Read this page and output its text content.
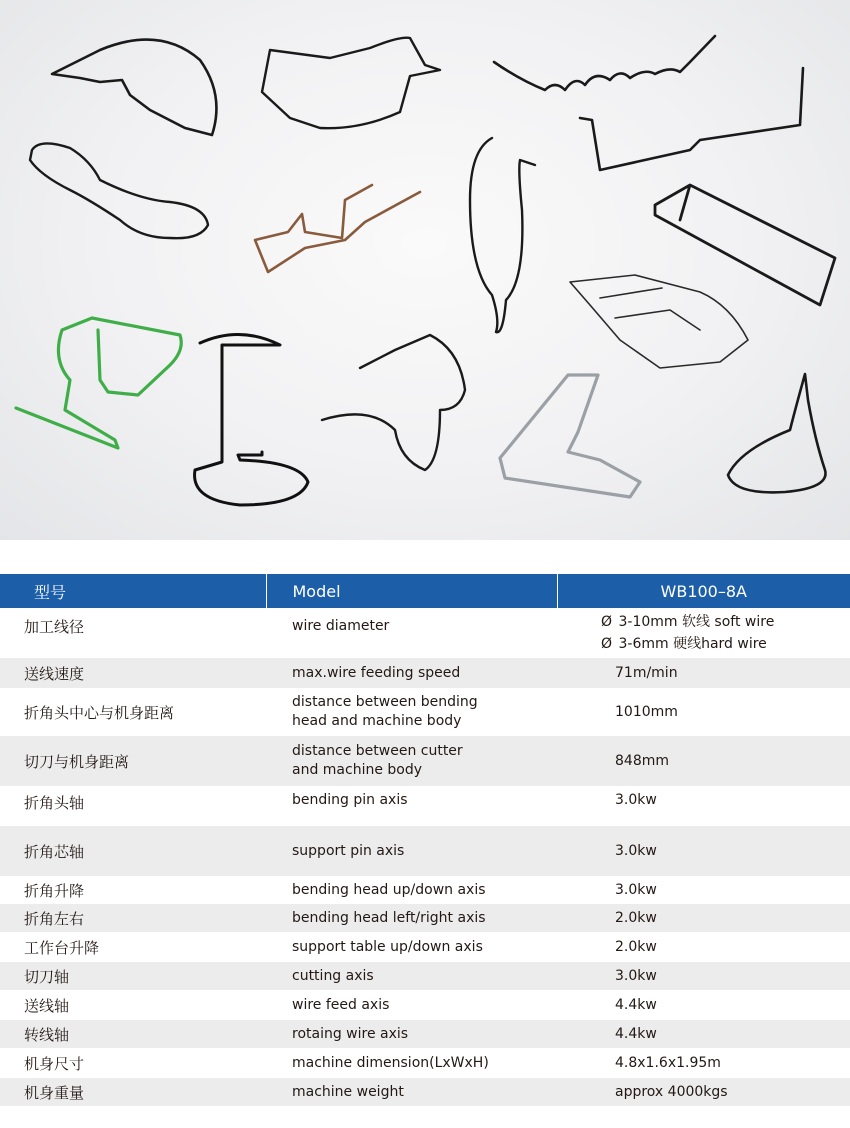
型号	Model	WB100–8A
加工线径	wire diameter	Ø 3-10mm 软线 soft wire
Ø 3-6mm 硬线hard wire

送线速度	max.wire feeding speed	71m/min
折角头中心与机身距离	distance between bending
head and machine body	1010mm
切刀与机身距离	distance between cutter
and machine body	848mm
折角头轴	bending pin axis	3.0kw
折角芯轴	support pin axis	3.0kw
折角升降	bending head up/down axis	3.0kw
折角左右	bending head left/right axis	2.0kw
工作台升降	support table up/down axis	2.0kw
切刀轴	cutting axis	3.0kw
送线轴	wire feed axis	4.4kw
转线轴	rotaing wire axis	4.4kw
机身尺寸	machine dimension(LxWxH)	4.8x1.6x1.95m
机身重量	machine weight	approx 4000kgs
